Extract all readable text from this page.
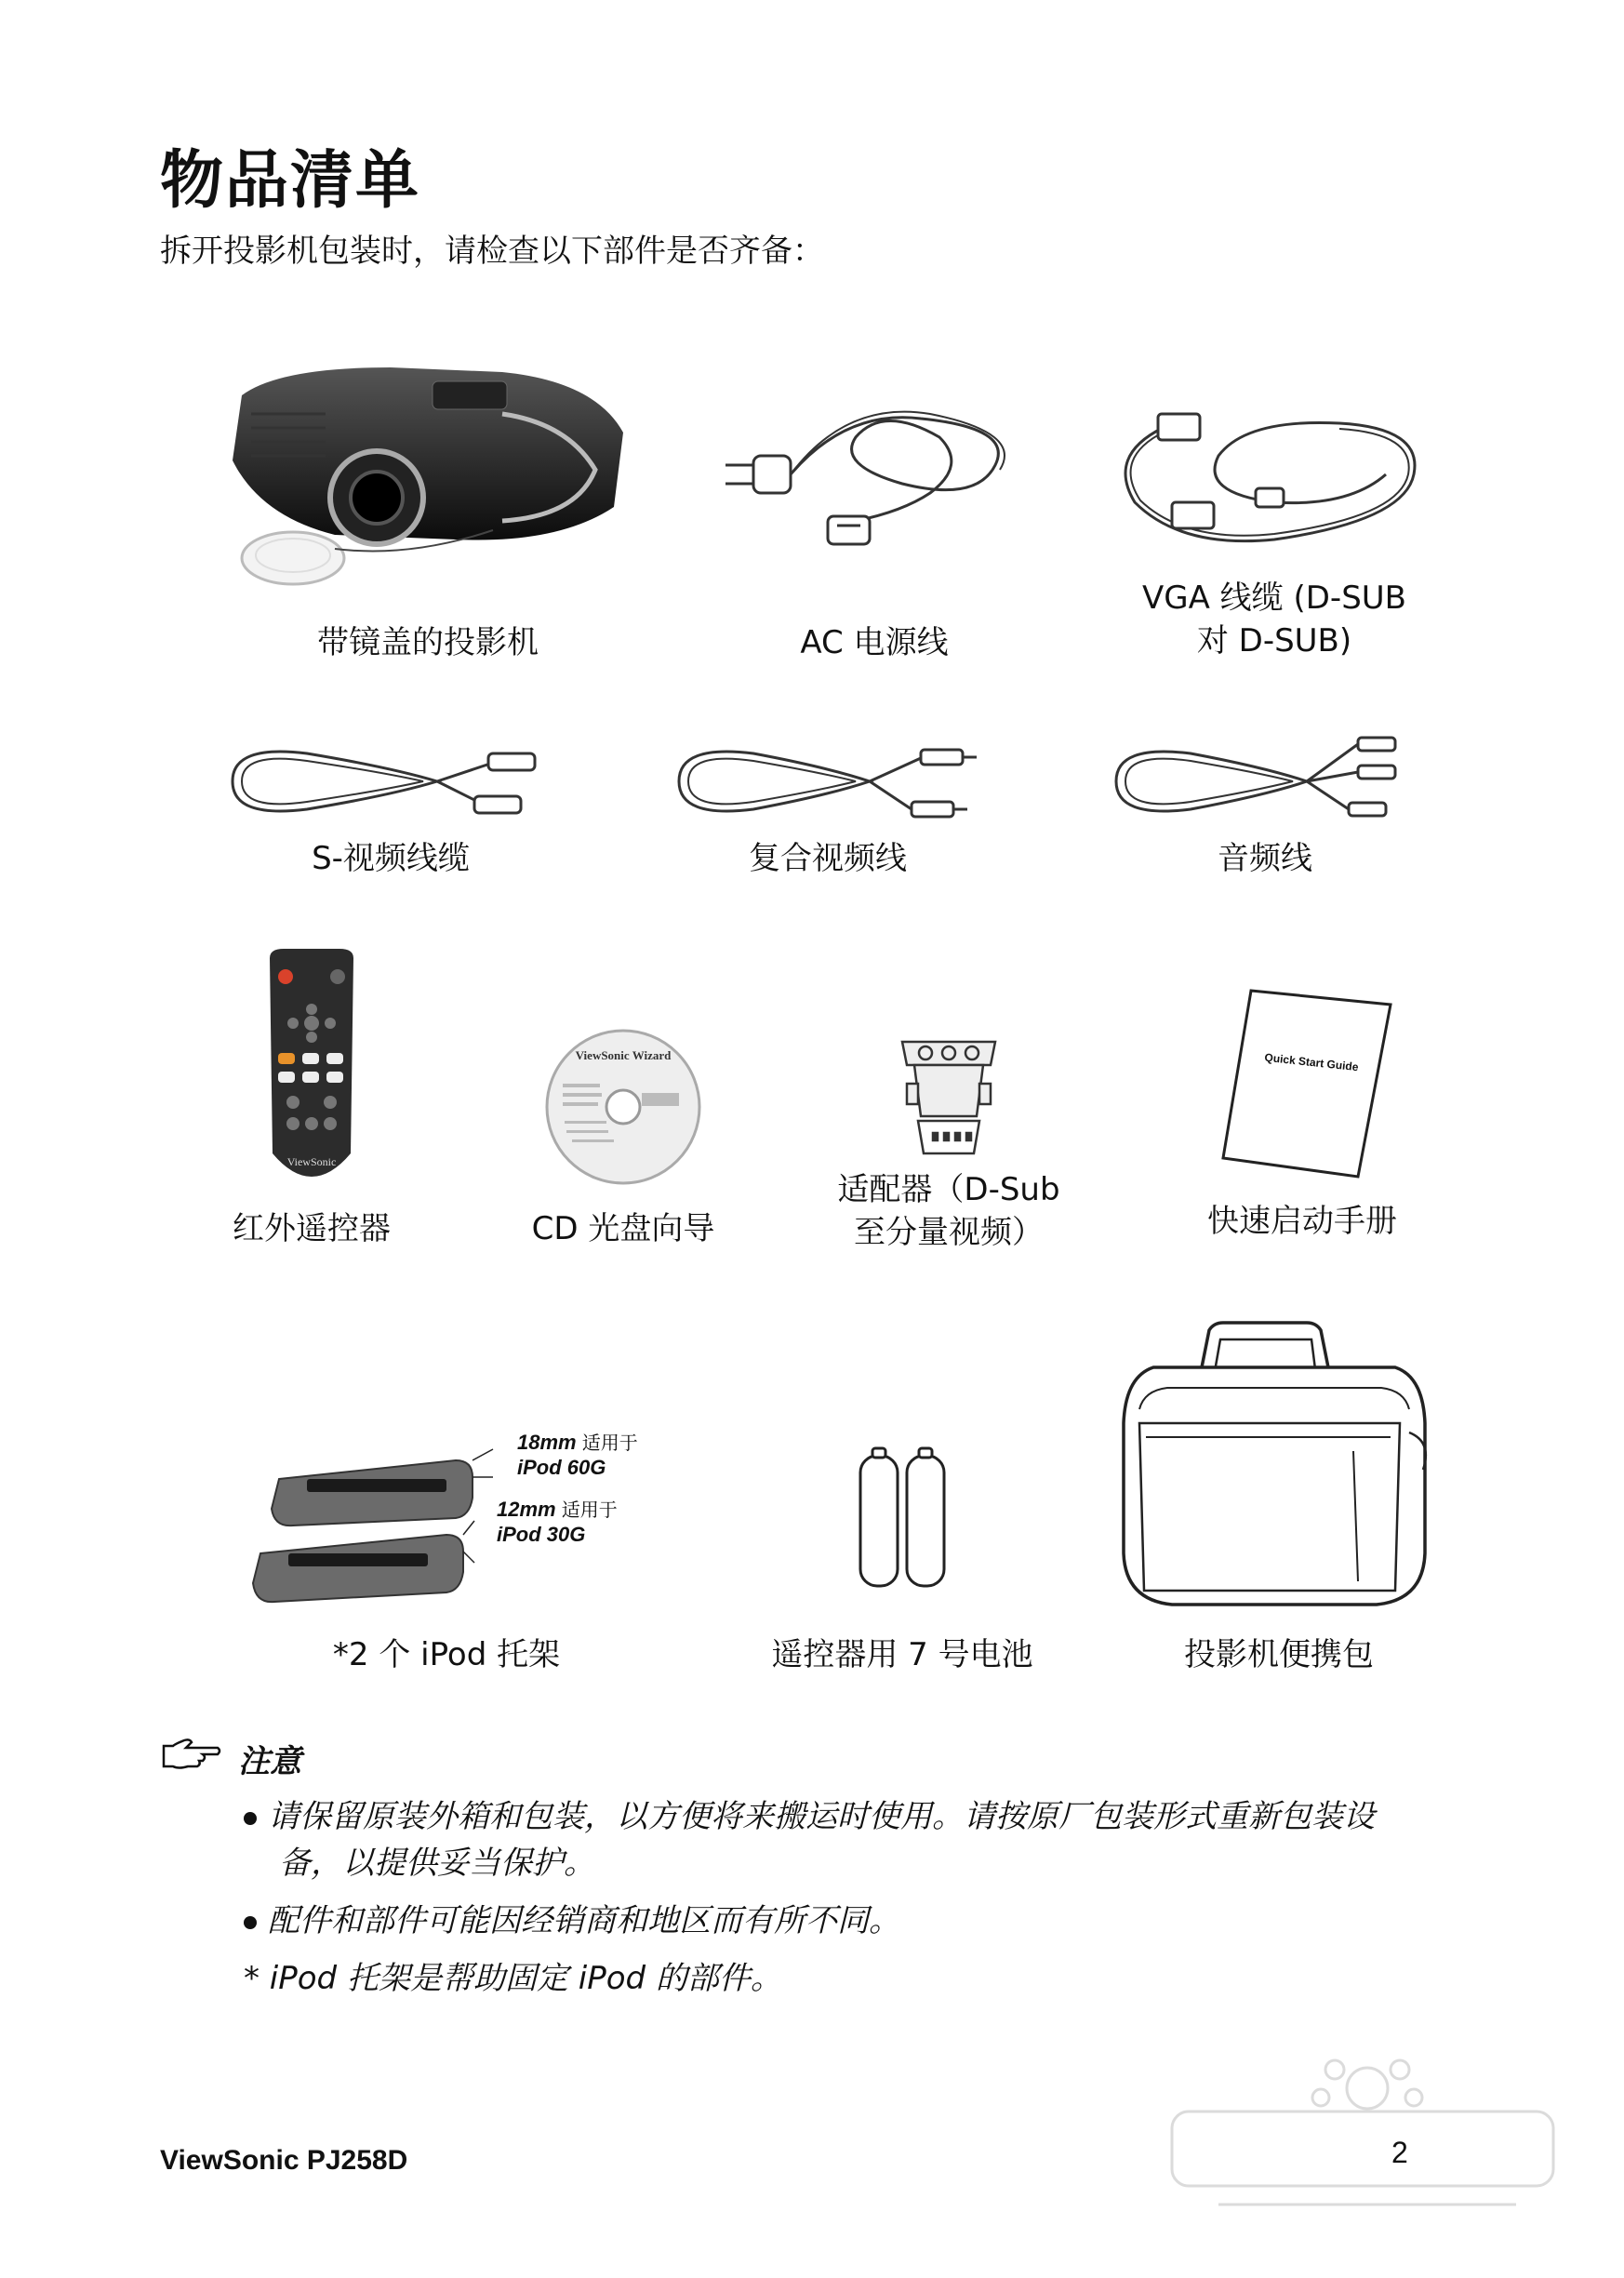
物品清单
拆开投影机包装时，请检查以下部件是否齐备：
带镜盖的投影机	AC 电源线
VGA 线缆 (D-SUB
对 D-SUB)
S-视频线缆	复合视频线	音频线
ViewSonic
红外遥控器
ViewSonic Wizard
CD 光盘向导
适配器（D-Sub
至分量视频）
Quick Start Guide
快速启动手册
18mm 适用于
iPod 60G
12mm 适用于
iPod 30G
*2 个 iPod 托架	遥控器用 7 号电池	投影机便携包
注意
请保留原装外箱和包装，以方便将来搬运时使用。请按原厂包装形式重新包装设
备，以提供妥当保护。
配件和部件可能因经销商和地区而有所不同。
* iPod 托架是帮助固定 iPod 的部件。
ViewSonic PJ258D	2
